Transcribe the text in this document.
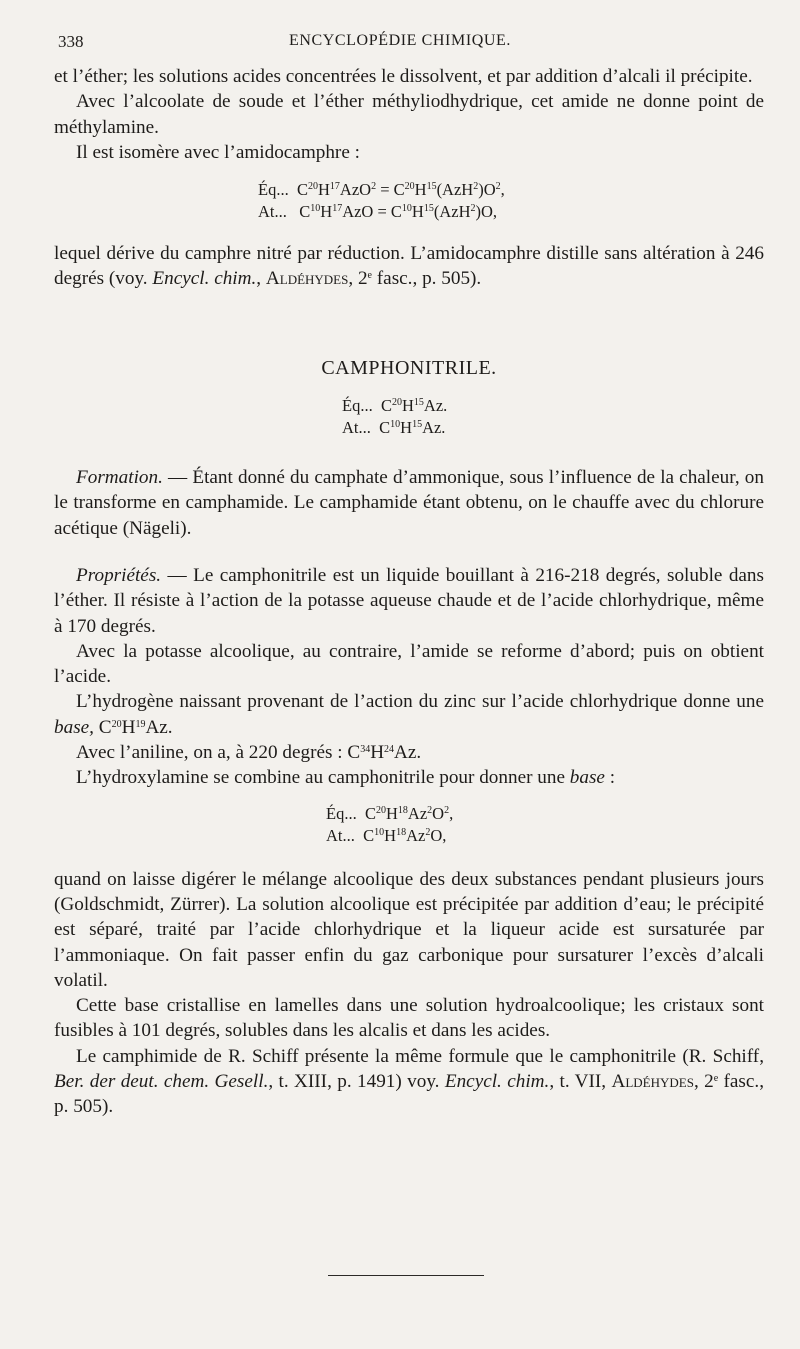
338	ENCYCLOPÉDIE CHIMIQUE.

et l’éther; les solutions acides concentrées le dissolvent, et par addition d’alcali il précipite.

Avec l’alcoolate de soude et l’éther méthyliodhydrique, cet amide ne donne point de méthylamine.

Il est isomère avec l’amidocamphre :

Éq... $C^{20}H^{17}AzO^2 = C^{20}H^{15}(AzH^2)O^2$,
At... $C^{10}H^{17}AzO = C^{10}H^{15}(AzH^2)O$,

lequel dérive du camphre nitré par réduction. L’amidocamphre distille sans altération à 246 degrés (voy. Encycl. chim., Aldéhydes, 2e fasc., p. 505).

CAMPHONITRILE.
Éq... $C^{20}H^{15}Az$.
At... $C^{10}H^{15}Az$.

Formation. — Étant donné du camphate d’ammonique, sous l’influence de la chaleur, on le transforme en camphamide. Le camphamide étant obtenu, on le chauffe avec du chlorure acétique (Nägeli).

Propriétés. — Le camphonitrile est un liquide bouillant à 216-218 degrés, soluble dans l’éther. Il résiste à l’action de la potasse aqueuse chaude et de l’acide chlorhydrique, même à 170 degrés.

Avec la potasse alcoolique, au contraire, l’amide se reforme d’abord; puis on obtient l’acide.

L’hydrogène naissant provenant de l’action du zinc sur l’acide chlorhydrique donne une base, $C^{20}H^{19}Az$.

Avec l’aniline, on a, à 220 degrés : $C^{34}H^{24}Az$.

L’hydroxylamine se combine au camphonitrile pour donner une base :

Éq... $C^{20}H^{18}Az^2O^2$,
At... $C^{10}H^{18}Az^2O$,

quand on laisse digérer le mélange alcoolique des deux substances pendant plusieurs jours (Goldschmidt, Zürrer). La solution alcoolique est précipitée par addition d’eau; le précipité est séparé, traité par l’acide chlorhydrique et la liqueur acide est sursaturée par l’ammoniaque. On fait passer enfin du gaz carbonique pour sursaturer l’excès d’alcali volatil.

Cette base cristallise en lamelles dans une solution hydroalcoolique; les cristaux sont fusibles à 101 degrés, solubles dans les alcalis et dans les acides.

Le camphimide de R. Schiff présente la même formule que le camphonitrile (R. Schiff, Ber. der deut. chem. Gesell., t. XIII, p. 1491) voy. Encycl. chim., t. VII, Aldéhydes, 2e fasc., p. 505).
